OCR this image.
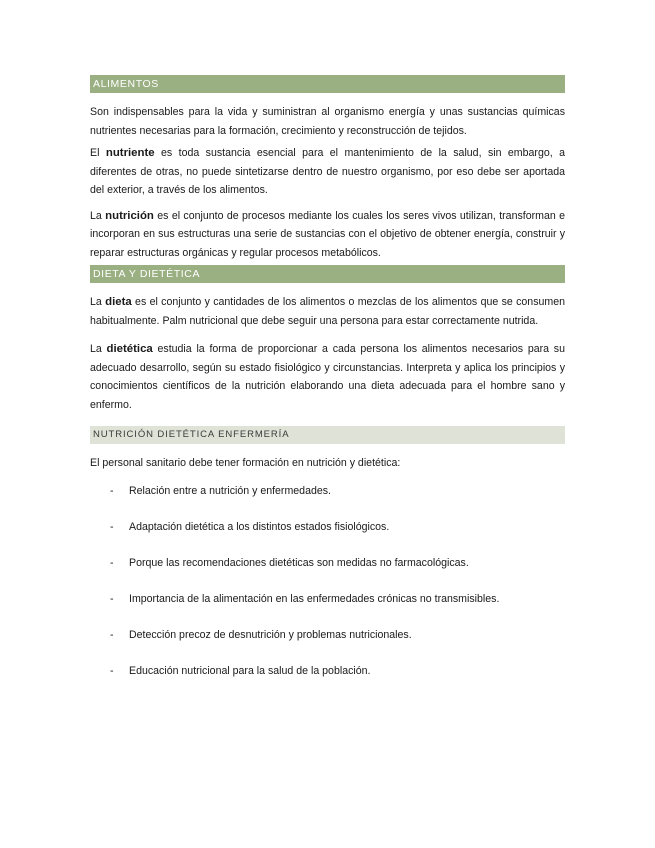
ALIMENTOS

Son indispensables para la vida y suministran al organismo energía y unas sustancias químicas nutrientes necesarias para la formación, crecimiento y reconstrucción de tejidos.

El nutriente es toda sustancia esencial para el mantenimiento de la salud, sin embargo, a diferentes de otras, no puede sintetizarse dentro de nuestro organismo, por eso debe ser aportada del exterior, a través de los alimentos.

La nutrición es el conjunto de procesos mediante los cuales los seres vivos utilizan, transforman e incorporan en sus estructuras una serie de sustancias con el objetivo de obtener energía, construir y reparar estructuras orgánicas y regular procesos metabólicos.

DIETA Y DIETÉTICA

La dieta es el conjunto y cantidades de los alimentos o mezclas de los alimentos que se consumen habitualmente. Palm nutricional que debe seguir una persona para estar correctamente nutrida.

La dietética estudia la forma de proporcionar a cada persona los alimentos necesarios para su adecuado desarrollo, según su estado fisiológico y circunstancias. Interpreta y aplica los principios y conocimientos científicos de la nutrición elaborando una dieta adecuada para el hombre sano y enfermo.

NUTRICIÓN DIETÉTICA ENFERMERÍA

El personal sanitario debe tener formación en nutrición y dietética:

- Relación entre a nutrición y enfermedades.
- Adaptación dietética a los distintos estados fisiológicos.
- Porque las recomendaciones dietéticas son medidas no farmacológicas.
- Importancia de la alimentación en las enfermedades crónicas no transmisibles.
- Detección precoz de desnutrición y problemas nutricionales.
- Educación nutricional para la salud de la población.
